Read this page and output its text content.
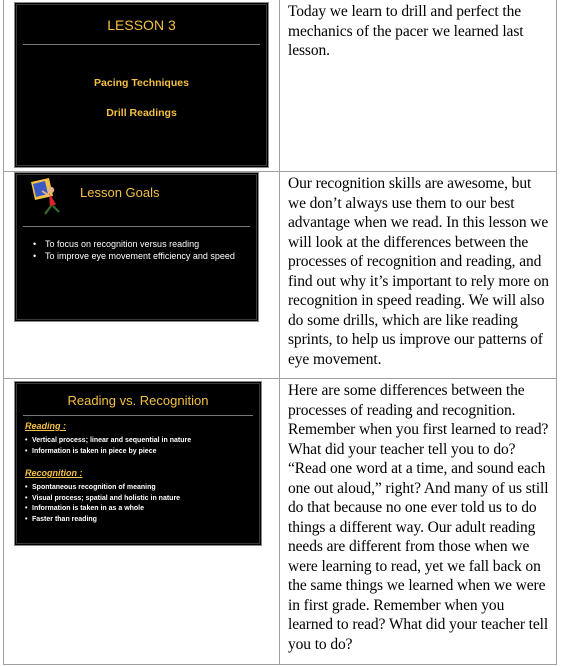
LESSON 3
Pacing Techniques
Drill Readings
Today we learn to drill and perfect the mechanics of the pacer we learned last lesson.
Lesson Goals
• To focus on recognition versus reading
• To improve eye movement efficiency and speed
Our recognition skills are awesome, but we don’t always use them to our best advantage when we read. In this lesson we will look at the differences between the processes of recognition and reading, and find out why it’s important to rely more on recognition in speed reading. We will also do some drills, which are like reading sprints, to help us improve our patterns of eye movement.
Reading vs. Recognition
Reading :
• Vertical process; linear and sequential in nature
• Information is taken in piece by piece
Recognition :
• Spontaneous recognition of meaning
• Visual process; spatial and holistic in nature
• Information is taken in as a whole
• Faster than reading
Here are some differences between the processes of reading and recognition. Remember when you first learned to read? What did your teacher tell you to do? “Read one word at a time, and sound each one out aloud,” right? And many of us still do that because no one ever told us to do things a different way. Our adult reading needs are different from those when we were learning to read, yet we fall back on the same things we learned when we were in first grade. Remember when you learned to read? What did your teacher tell you to do?
